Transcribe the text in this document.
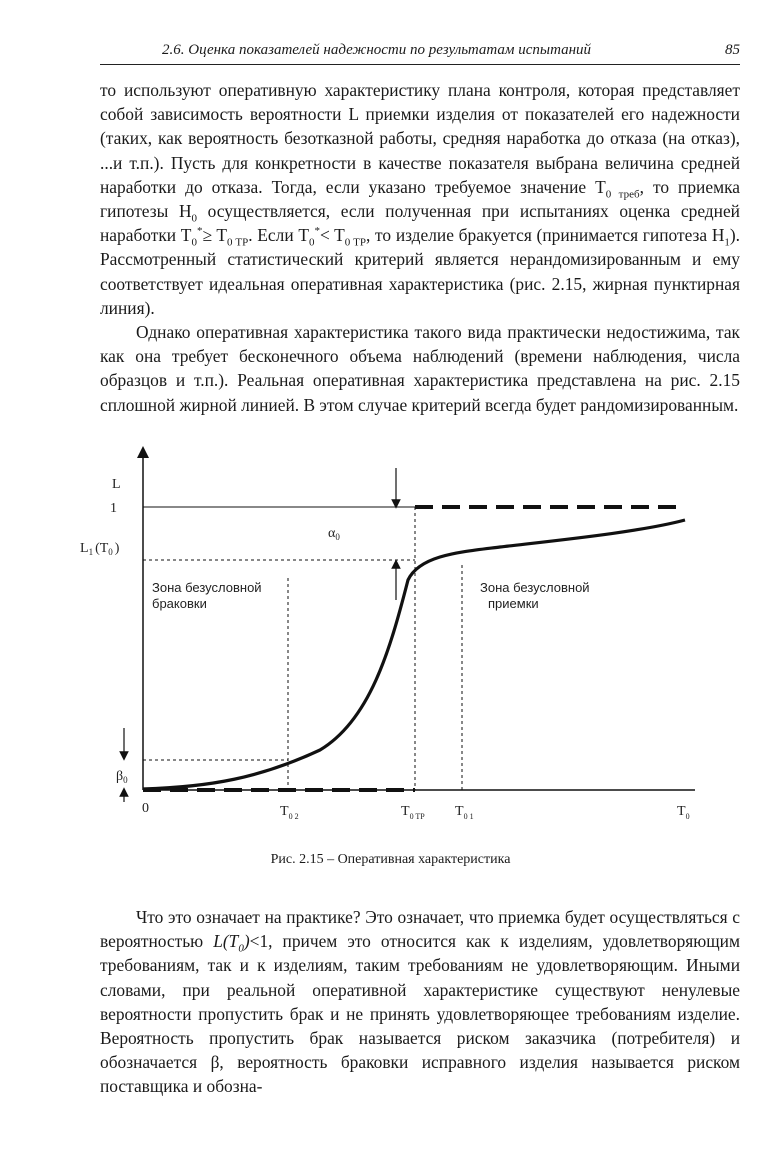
2.6. Оценка показателей надежности по результатам испытаний	85

то используют оперативную характеристику плана контроля, которая представляет собой зависимость вероятности L приемки изделия от показателей его надежности (таких, как вероятность безотказной работы, средняя наработка до отказа (на отказ), ...и т.п.). Пусть для конкретности в качестве показателя выбрана величина средней наработки до отказа. Тогда, если указано требуемое значение $T_{0 треб}$, то приемка гипотезы $H_0$ осуществляется, если полученная при испытаниях оценка средней наработки $T_0^*\ge T_{0 TP}$. Если $T_0^*< T_{0 TP}$, то изделие бракуется (принимается гипотеза $H_1$). Рассмотренный статистический критерий является нерандомизированным и ему соответствует идеальная оперативная характеристика (рис. 2.15, жирная пунктирная линия).

Однако оперативная характеристика такого вида практически недостижима, так как она требует бесконечного объема наблюдений (времени наблюдения, числа образцов и т.п.). Реальная оперативная характеристика представлена на рис. 2.15 сплошной жирной линией. В этом случае критерий всегда будет рандомизированным.

L
1
$L_1$ ($T_0$ )
$\beta_0$
0	$T_{0 2}$	$T_{0 TP}$ $T_{0 1}$	$T_0$
$\alpha_0$
Зона безусловной
браковки
Зона безусловной
приемки
Рис. 2.15 – Оперативная характеристика

Что это означает на практике? Это означает, что приемка будет осуществляться с вероятностью $L(T_0)<1$, причем это относится как к изделиям, удовлетворяющим требованиям, так и к изделиям, таким требованиям не удовлетворяющим. Иными словами, при реальной оперативной характеристике существуют ненулевые вероятности пропустить брак и не принять удовлетворяющее требованиям изделие. Вероятность пропустить брак называется риском заказчика (потребителя) и обозначается β, вероятность браковки исправного изделия называется риском поставщика и обозна-
